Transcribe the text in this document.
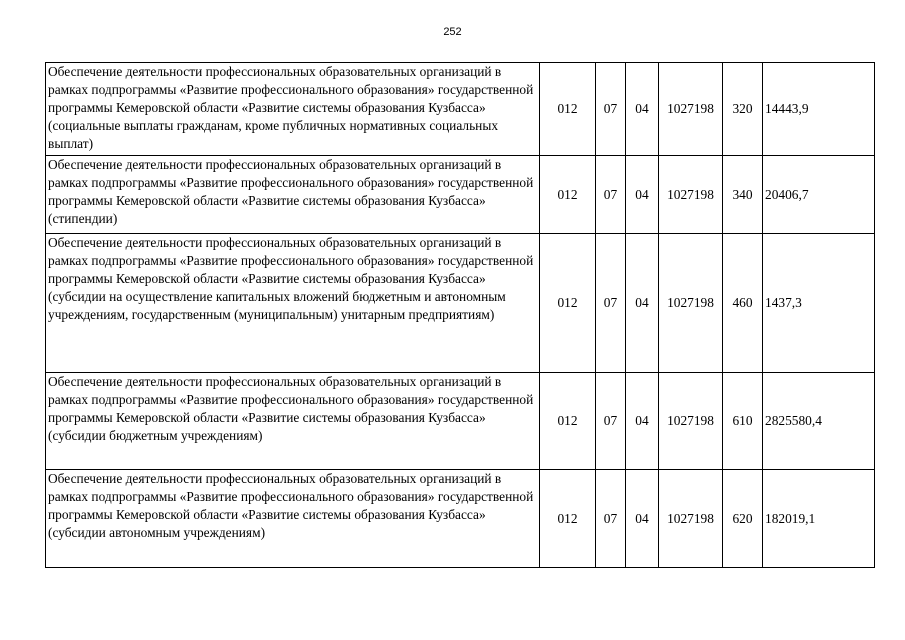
252
Обеспечение деятельности профессиональных образовательных организаций в рамках подпрограммы «Развитие профессионального образования» государственной программы Кемеровской области «Развитие системы образования Кузбасса» (социальные выплаты гражданам, кроме публичных нормативных социальных выплат)	012	07	04	1027198	320	14443,9
Обеспечение деятельности профессиональных образовательных организаций в рамках подпрограммы «Развитие профессионального образования» государственной программы Кемеровской области «Развитие системы образования Кузбасса» (стипендии)	012	07	04	1027198	340	20406,7
Обеспечение деятельности профессиональных образовательных организаций в рамках подпрограммы «Развитие профессионального образования» государственной программы Кемеровской области «Развитие системы образования Кузбасса» (субсидии на осуществление капитальных вложений бюджетным и автономным учреждениям, государственным (муниципальным) унитарным предприятиям)	012	07	04	1027198	460	1437,3
Обеспечение деятельности профессиональных образовательных организаций в рамках подпрограммы «Развитие профессионального образования» государственной программы Кемеровской области «Развитие системы образования Кузбасса» (субсидии бюджетным учреждениям)	012	07	04	1027198	610	2825580,4
Обеспечение деятельности профессиональных образовательных организаций в рамках подпрограммы «Развитие профессионального образования» государственной программы Кемеровской области «Развитие системы образования Кузбасса» (субсидии автономным учреждениям)	012	07	04	1027198	620	182019,1
